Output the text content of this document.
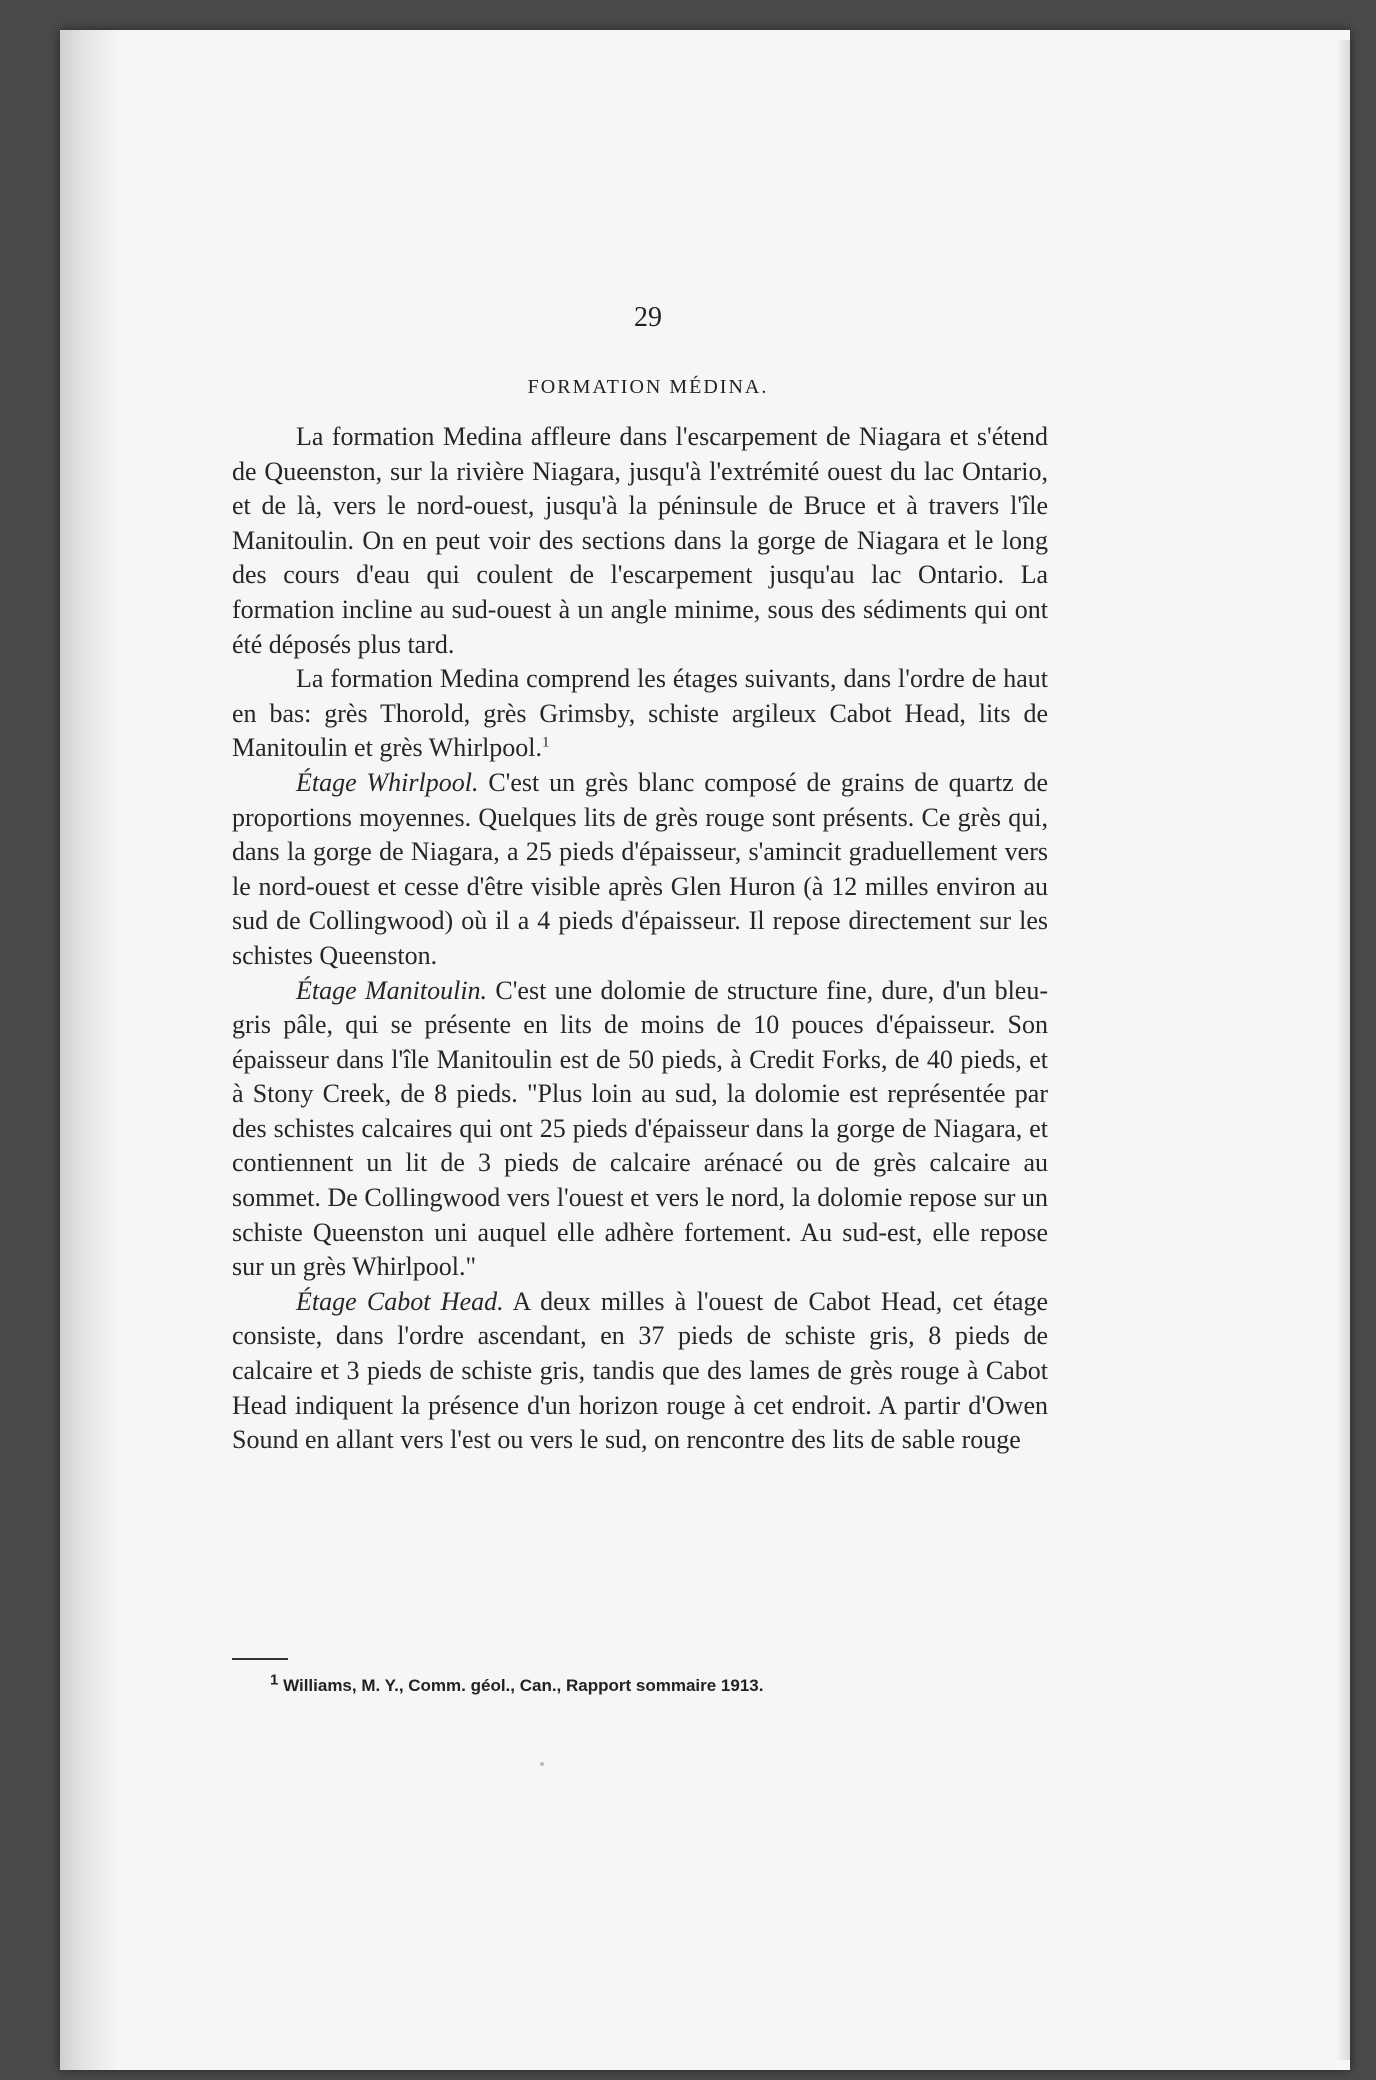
29
FORMATION MÉDINA.

La formation Medina affleure dans l'escarpement de Niagara et s'étend de Queenston, sur la rivière Niagara, jusqu'à l'extrémité ouest du lac Ontario, et de là, vers le nord-ouest, jusqu'à la péninsule de Bruce et à travers l'île Manitoulin. On en peut voir des sections dans la gorge de Niagara et le long des cours d'eau qui coulent de l'escarpement jusqu'au lac Ontario. La formation incline au sud-ouest à un angle minime, sous des sédiments qui ont été déposés plus tard.

La formation Medina comprend les étages suivants, dans l'ordre de haut en bas: grès Thorold, grès Grimsby, schiste argileux Cabot Head, lits de Manitoulin et grès Whirlpool.$^1$

Étage Whirlpool. C'est un grès blanc composé de grains de quartz de proportions moyennes. Quelques lits de grès rouge sont présents. Ce grès qui, dans la gorge de Niagara, a 25 pieds d'épaisseur, s'amincit graduellement vers le nord-ouest et cesse d'être visible après Glen Huron (à 12 milles environ au sud de Collingwood) où il a 4 pieds d'épaisseur. Il repose directement sur les schistes Queenston.

Étage Manitoulin. C'est une dolomie de structure fine, dure, d'un bleu-gris pâle, qui se présente en lits de moins de 10 pouces d'épaisseur. Son épaisseur dans l'île Manitoulin est de 50 pieds, à Credit Forks, de 40 pieds, et à Stony Creek, de 8 pieds. "Plus loin au sud, la dolomie est représentée par des schistes calcaires qui ont 25 pieds d'épaisseur dans la gorge de Niagara, et contiennent un lit de 3 pieds de calcaire arénacé ou de grès calcaire au sommet. De Collingwood vers l'ouest et vers le nord, la dolomie repose sur un schiste Queenston uni auquel elle adhère fortement. Au sud-est, elle repose sur un grès Whirlpool."

Étage Cabot Head. A deux milles à l'ouest de Cabot Head, cet étage consiste, dans l'ordre ascendant, en 37 pieds de schiste gris, 8 pieds de calcaire et 3 pieds de schiste gris, tandis que des lames de grès rouge à Cabot Head indiquent la présence d'un horizon rouge à cet endroit. A partir d'Owen Sound en allant vers l'est ou vers le sud, on rencontre des lits de sable rouge

$^1$ Williams, M. Y., Comm. géol., Can., Rapport sommaire 1913.
